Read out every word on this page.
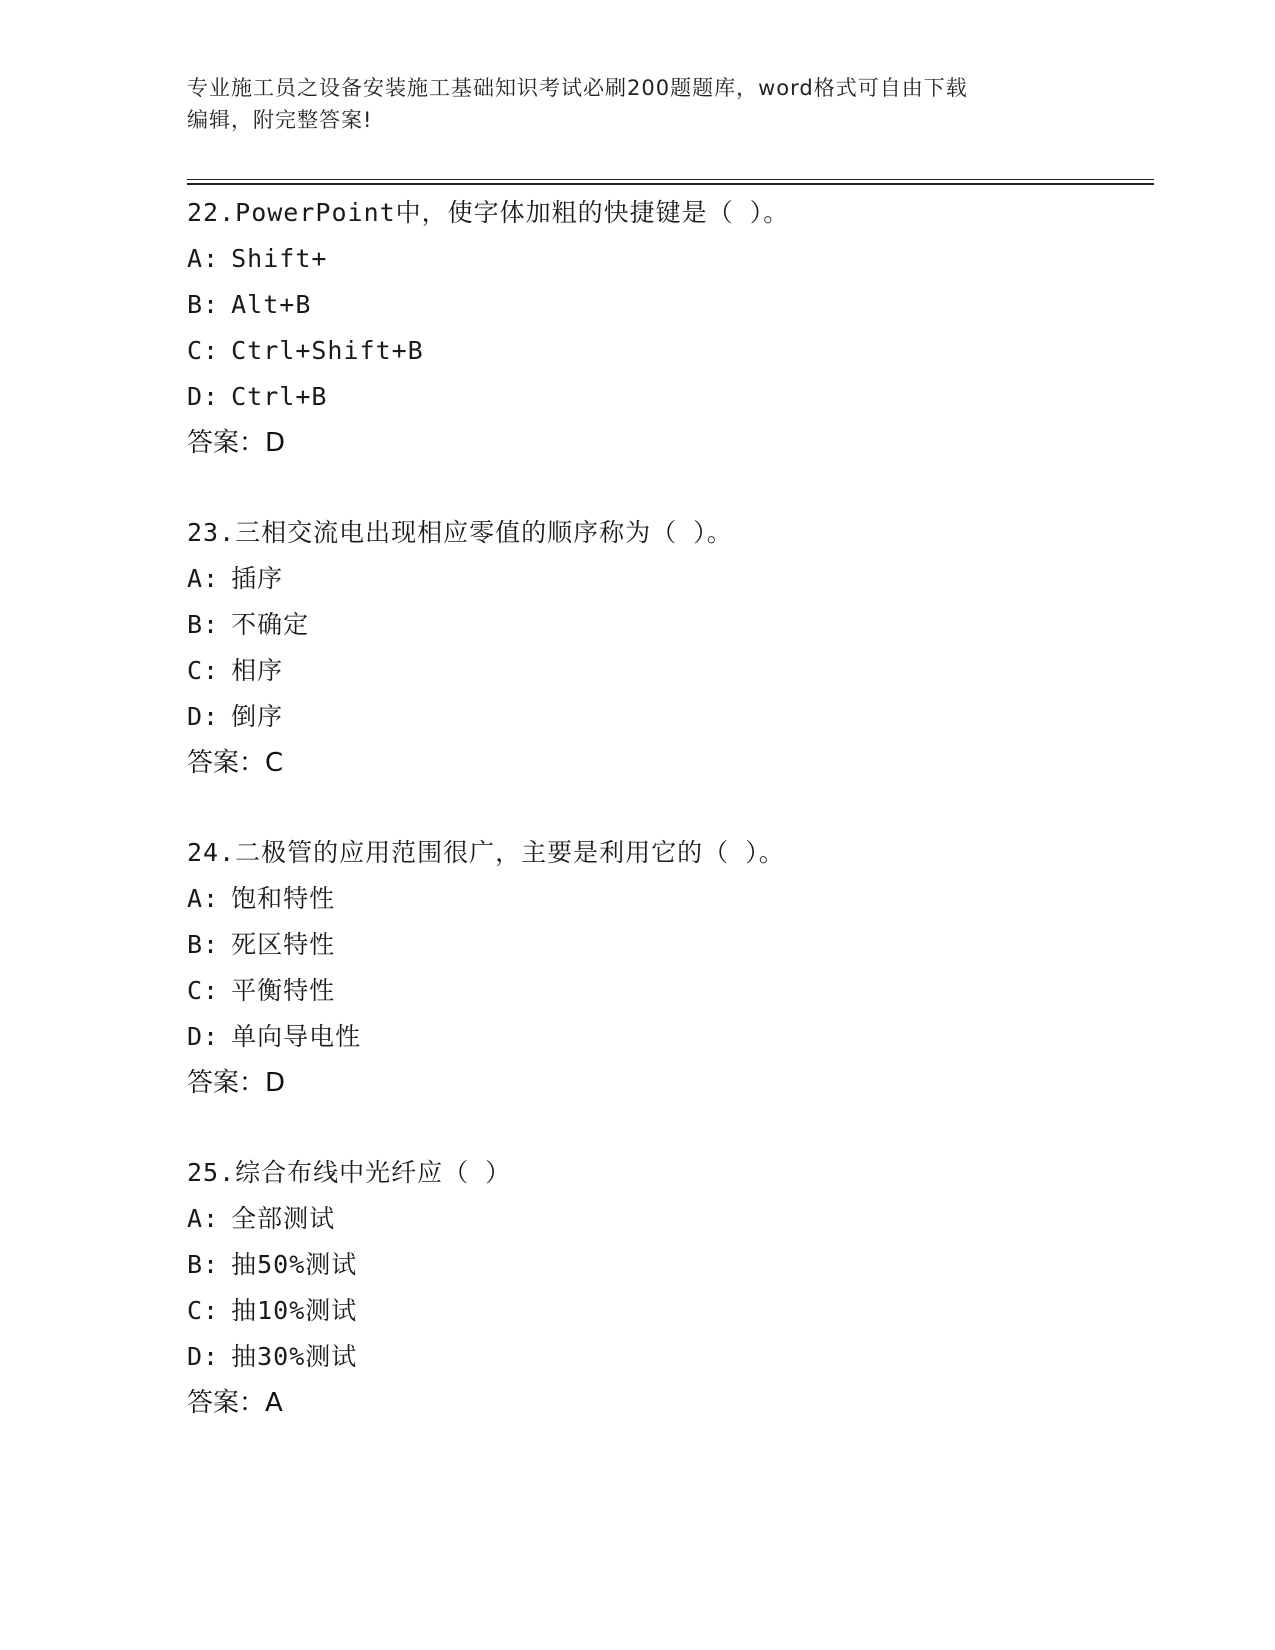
专业施工员之设备安装施工基础知识考试必刷200题题库，word格式可自由下载
编辑，附完整答案!
22.PowerPoint中，使字体加粗的快捷键是（ ）。
A: Shift+
B: Alt+B
C: Ctrl+Shift+B
D: Ctrl+B
答案：D
23.三相交流电出现相应零值的顺序称为（ ）。
A: 插序
B: 不确定
C: 相序
D: 倒序
答案：C
24.二极管的应用范围很广，主要是利用它的（ ）。
A: 饱和特性
B: 死区特性
C: 平衡特性
D: 单向导电性
答案：D
25.综合布线中光纤应（ ）
A: 全部测试
B: 抽50%测试
C: 抽10%测试
D: 抽30%测试
答案：A
